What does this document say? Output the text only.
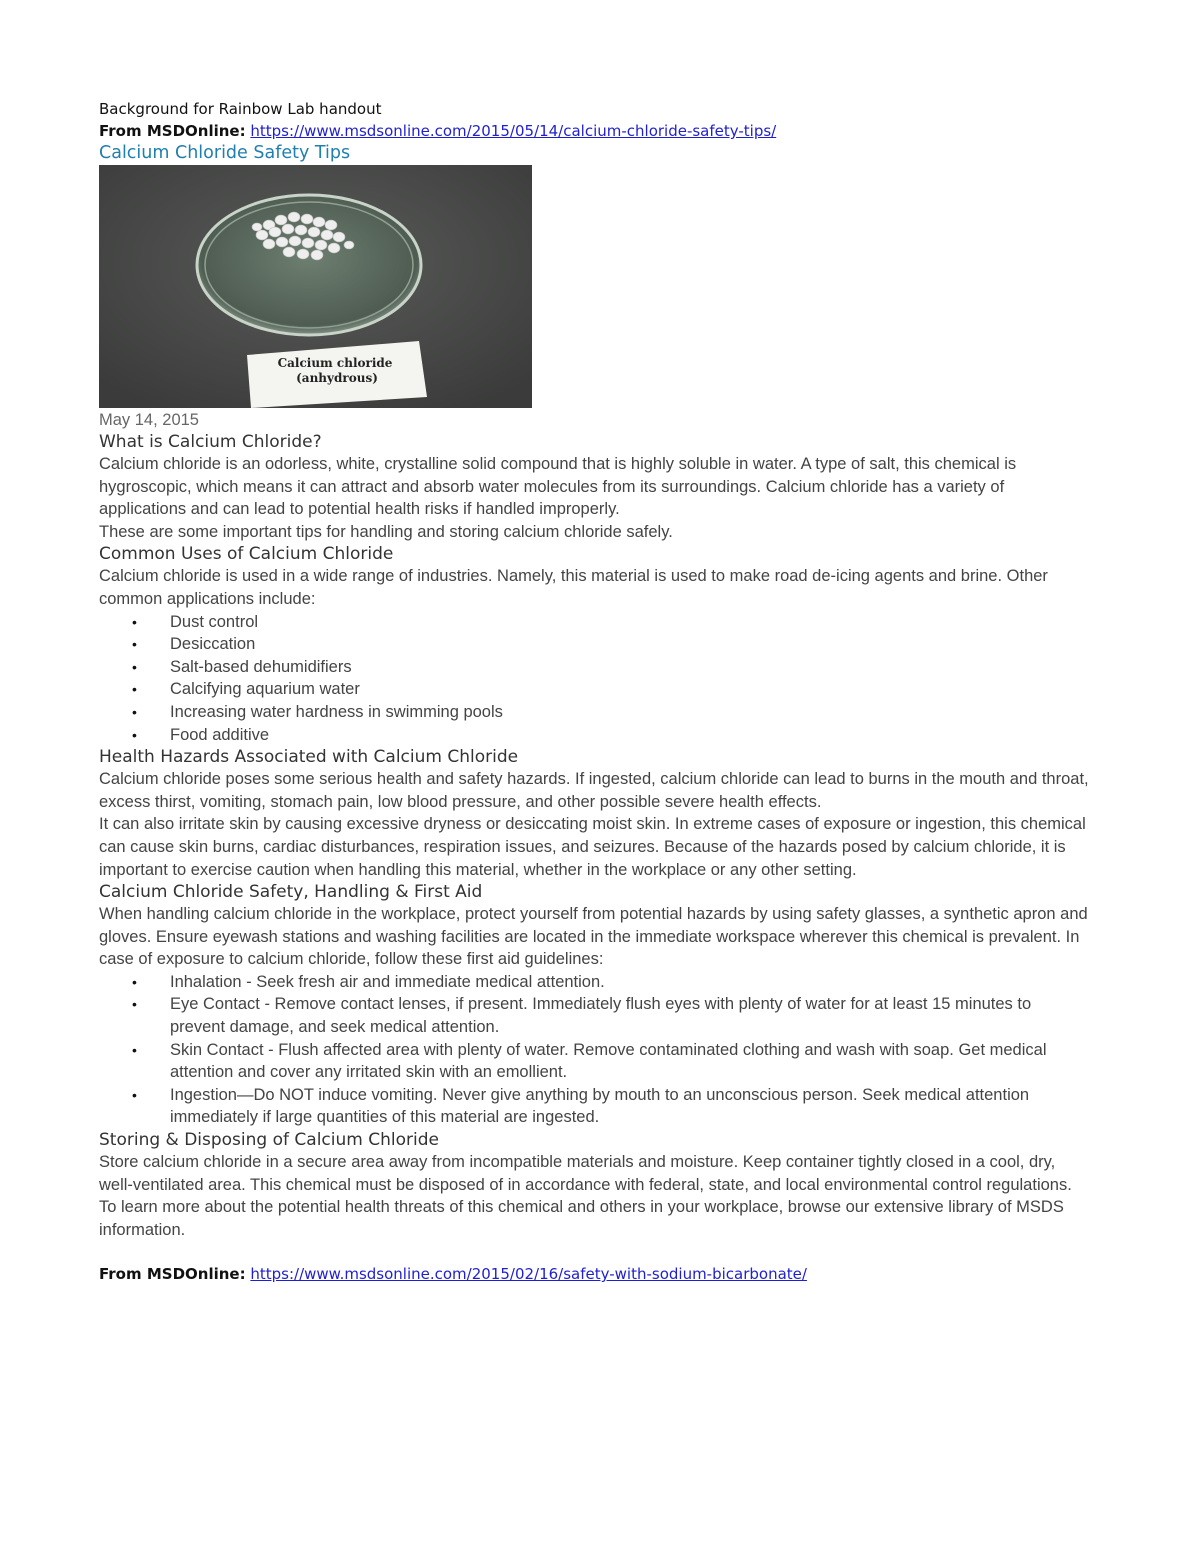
Background for Rainbow Lab handout
From MSDOnline: https://www.msdsonline.com/2015/05/14/calcium-chloride-safety-tips/
Calcium Chloride Safety Tips
Calcium chloride
(anhydrous)
May 14, 2015
What is Calcium Chloride?
Calcium chloride is an odorless, white, crystalline solid compound that is highly soluble in water. A type of salt, this chemical is hygroscopic, which means it can attract and absorb water molecules from its surroundings. Calcium chloride has a variety of applications and can lead to potential health risks if handled improperly.
These are some important tips for handling and storing calcium chloride safely.
Common Uses of Calcium Chloride
Calcium chloride is used in a wide range of industries. Namely, this material is used to make road de-icing agents and brine. Other common applications include:
• Dust control
• Desiccation
• Salt-based dehumidifiers
• Calcifying aquarium water
• Increasing water hardness in swimming pools
• Food additive
Health Hazards Associated with Calcium Chloride
Calcium chloride poses some serious health and safety hazards. If ingested, calcium chloride can lead to burns in the mouth and throat, excess thirst, vomiting, stomach pain, low blood pressure, and other possible severe health effects.
It can also irritate skin by causing excessive dryness or desiccating moist skin. In extreme cases of exposure or ingestion, this chemical can cause skin burns, cardiac disturbances, respiration issues, and seizures. Because of the hazards posed by calcium chloride, it is important to exercise caution when handling this material, whether in the workplace or any other setting.
Calcium Chloride Safety, Handling & First Aid
When handling calcium chloride in the workplace, protect yourself from potential hazards by using safety glasses, a synthetic apron and gloves. Ensure eyewash stations and washing facilities are located in the immediate workspace wherever this chemical is prevalent. In case of exposure to calcium chloride, follow these first aid guidelines:
• Inhalation - Seek fresh air and immediate medical attention.
• Eye Contact - Remove contact lenses, if present. Immediately flush eyes with plenty of water for at least 15 minutes to prevent damage, and seek medical attention.
• Skin Contact - Flush affected area with plenty of water. Remove contaminated clothing and wash with soap. Get medical attention and cover any irritated skin with an emollient.
• Ingestion—Do NOT induce vomiting. Never give anything by mouth to an unconscious person. Seek medical attention immediately if large quantities of this material are ingested.
Storing & Disposing of Calcium Chloride
Store calcium chloride in a secure area away from incompatible materials and moisture. Keep container tightly closed in a cool, dry, well-ventilated area. This chemical must be disposed of in accordance with federal, state, and local environmental control regulations.
To learn more about the potential health threats of this chemical and others in your workplace, browse our extensive library of MSDS information.
From MSDOnline: https://www.msdsonline.com/2015/02/16/safety-with-sodium-bicarbonate/
